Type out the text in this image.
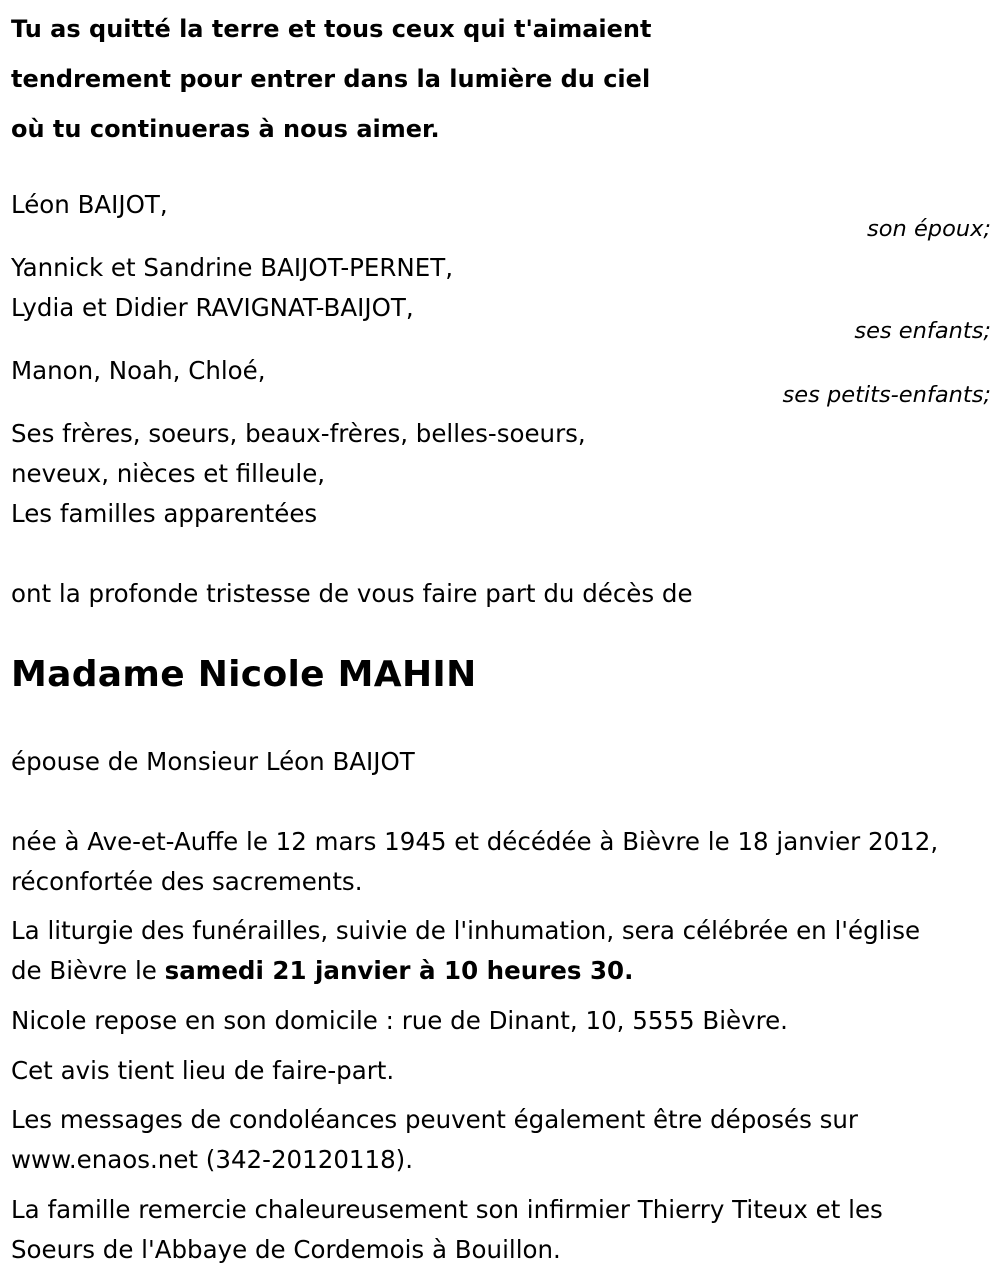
Tu as quitté la terre et tous ceux qui t'aimaient
tendrement pour entrer dans la lumière du ciel
où tu continueras à nous aimer.
Léon BAIJOT,
son époux;
Yannick et Sandrine BAIJOT-PERNET,
Lydia et Didier RAVIGNAT-BAIJOT,
ses enfants;
Manon, Noah, Chloé,
ses petits-enfants;
Ses frères, soeurs, beaux-frères, belles-soeurs,
neveux, nièces et filleule,
Les familles apparentées
ont la profonde tristesse de vous faire part du décès de
Madame Nicole MAHIN
épouse de Monsieur Léon BAIJOT
née à Ave-et-Auffe le 12 mars 1945 et décédée à Bièvre le 18 janvier 2012,
réconfortée des sacrements.
La liturgie des funérailles, suivie de l'inhumation, sera célébrée en l'église
de Bièvre le samedi 21 janvier à 10 heures 30.
Nicole repose en son domicile : rue de Dinant, 10, 5555 Bièvre.
Cet avis tient lieu de faire-part.
Les messages de condoléances peuvent également être déposés sur
www.enaos.net (342-20120118).
La famille remercie chaleureusement son infirmier Thierry Titeux et les
Soeurs de l'Abbaye de Cordemois à Bouillon.
